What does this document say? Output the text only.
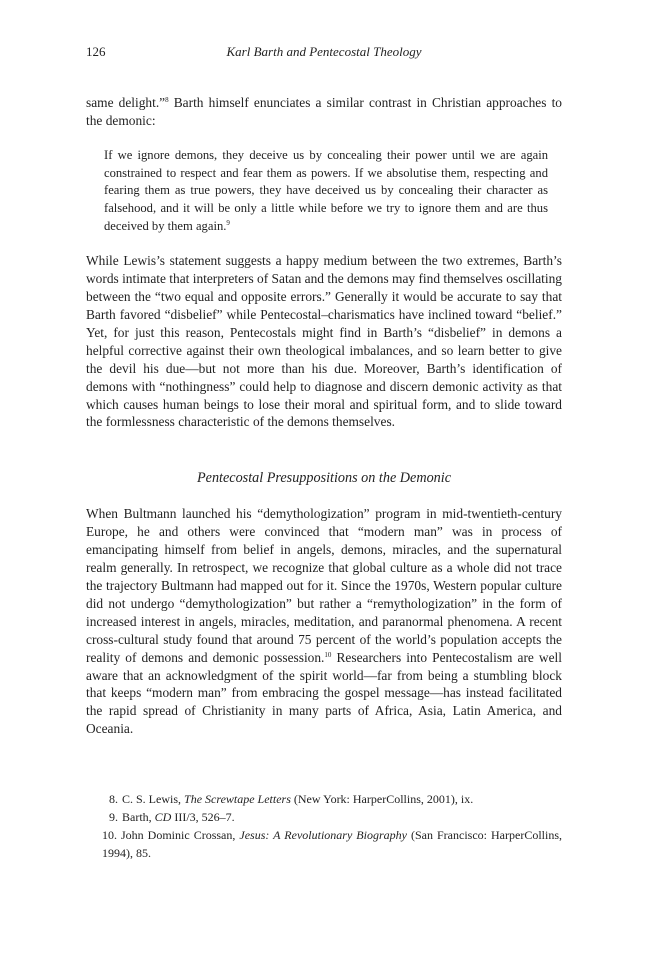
126	Karl Barth and Pentecostal Theology

same delight.”$^8$ Barth himself enunciates a similar contrast in Christian approaches to the demonic:

If we ignore demons, they deceive us by concealing their power until we are again constrained to respect and fear them as powers. If we absolutise them, respecting and fearing them as true powers, they have deceived us by concealing their character as falsehood, and it will be only a little while before we try to ignore them and are thus deceived by them again.$^9$

While Lewis’s statement suggests a happy medium between the two extremes, Barth’s words intimate that interpreters of Satan and the demons may find themselves oscillating between the “two equal and opposite errors.” Generally it would be accurate to say that Barth favored “disbelief” while Pentecostal–charismatics have inclined toward “belief.” Yet, for just this reason, Pentecostals might find in Barth’s “disbelief” in demons a helpful corrective against their own theological imbalances, and so learn better to give the devil his due—but not more than his due. Moreover, Barth’s identification of demons with “nothingness” could help to diagnose and discern demonic activity as that which causes human beings to lose their moral and spiritual form, and to slide toward the formlessness characteristic of the demons themselves.

Pentecostal Presuppositions on the Demonic

When Bultmann launched his “demythologization” program in mid-twentieth-century Europe, he and others were convinced that “modern man” was in process of emancipating himself from belief in angels, demons, miracles, and the supernatural realm generally. In retrospect, we recognize that global culture as a whole did not trace the trajectory Bultmann had mapped out for it. Since the 1970s, Western popular culture did not undergo “demythologization” but rather a “remythologization” in the form of increased interest in angels, miracles, meditation, and paranormal phenomena. A recent cross-cultural study found that around 75 percent of the world’s population accepts the reality of demons and demonic possession.$^{10}$ Researchers into Pentecostalism are well aware that an acknowledgment of the spirit world—far from being a stumbling block that keeps “modern man” from embracing the gospel message—has instead facilitated the rapid spread of Christianity in many parts of Africa, Asia, Latin America, and Oceania.

8. C. S. Lewis, The Screwtape Letters (New York: HarperCollins, 2001), ix.
9. Barth, CD III/3, 526–7.
10. John Dominic Crossan, Jesus: A Revolutionary Biography (San Francisco: HarperCollins, 1994), 85.
